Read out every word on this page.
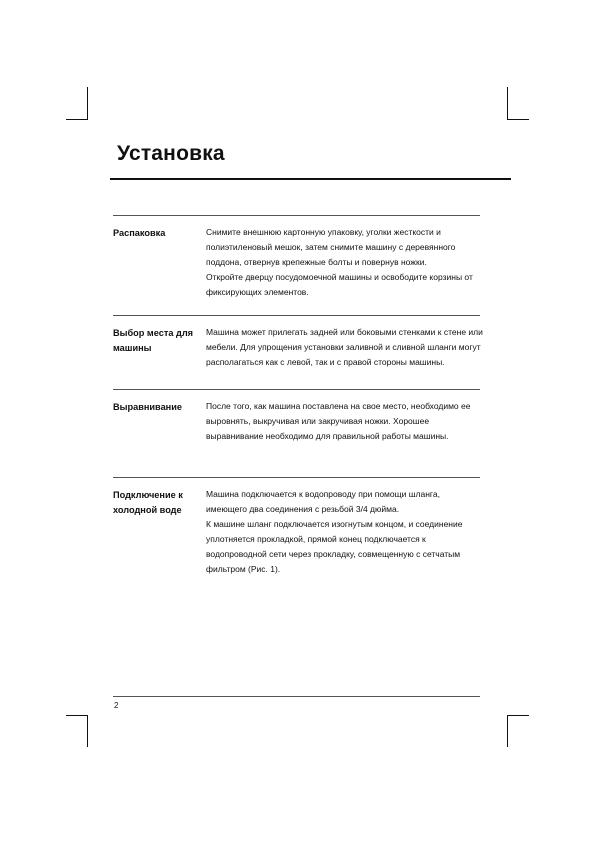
Установка
Распаковка	Снимите внешнюю картонную упаковку, уголки жесткости и полиэтиленовый мешок, затем снимите машину с деревянного поддона, отвернув крепежные болты и повернув ножки.

Откройте дверцу посудомоечной машины и освободите корзины от фиксирующих элементов.

Выбор места для машины

Машина может прилегать задней или боковыми стенками к стене или мебели. Для упрощения установки заливной и сливной шланги могут располагаться как с левой, так и с правой стороны машины.

Выравнивание	После того, как машина поставлена на свое место, необходимо ее выровнять, выкручивая или закручивая ножки. Хорошее выравнивание необходимо для правильной работы машины.

Подключение к холодной воде

Машина подключается к водопроводу при помощи шланга, имеющего два соединения с резьбой 3/4 дюйма.

К машине шланг подключается изогнутым концом, и соединение уплотняется прокладкой, прямой конец подключается к водопроводной сети через прокладку, совмещенную с сетчатым фильтром (Рис. 1).

2
